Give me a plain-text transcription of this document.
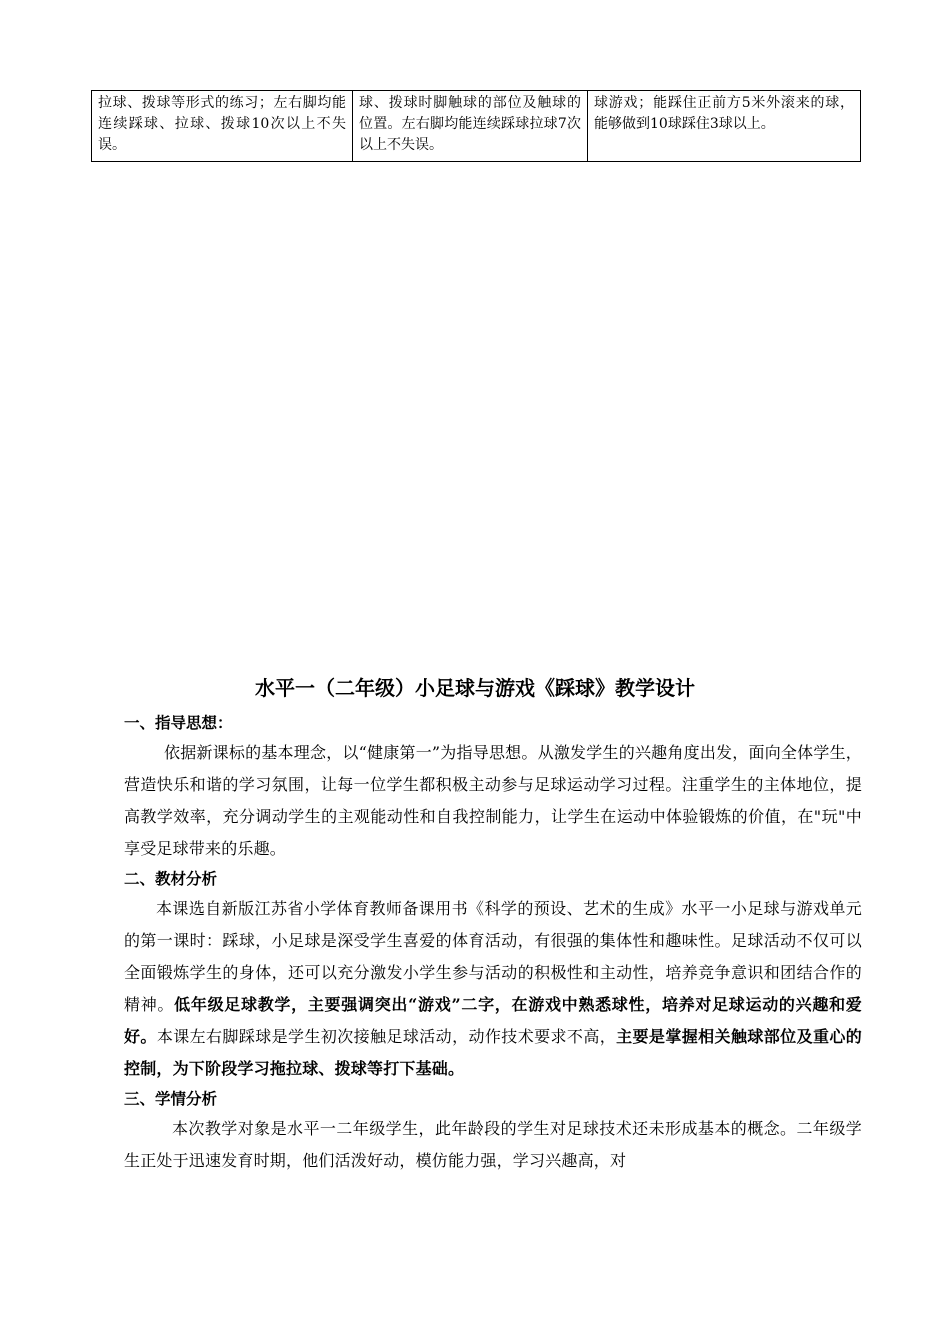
拉球、拨球等形式的练习；左右脚均能连续踩球、拉球、拨球10次以上不失误。	球、拨球时脚触球的部位及触球的位置。左右脚均能连续踩球拉球7次以上不失误。	球游戏；能踩住正前方5米外滚来的球，能够做到10球踩住3球以上。
水平一（二年级）小足球与游戏《踩球》教学设计

一、指导思想：

依据新课标的基本理念，以“健康第一”为指导思想。从激发学生的兴趣角度出发，面向全体学生，营造快乐和谐的学习氛围，让每一位学生都积极主动参与足球运动学习过程。注重学生的主体地位，提高教学效率，充分调动学生的主观能动性和自我控制能力，让学生在运动中体验锻炼的价值，在"玩"中享受足球带来的乐趣。

二、教材分析

本课选自新版江苏省小学体育教师备课用书《科学的预设、艺术的生成》水平一小足球与游戏单元的第一课时：踩球，小足球是深受学生喜爱的体育活动，有很强的集体性和趣味性。足球活动不仅可以全面锻炼学生的身体，还可以充分激发小学生参与活动的积极性和主动性，培养竞争意识和团结合作的精神。低年级足球教学，主要强调突出“游戏”二字，在游戏中熟悉球性，培养对足球运动的兴趣和爱好。本课左右脚踩球是学生初次接触足球活动，动作技术要求不高，主要是掌握相关触球部位及重心的控制，为下阶段学习拖拉球、拨球等打下基础。

三、学情分析

本次教学对象是水平一二年级学生，此年龄段的学生对足球技术还未形成基本的概念。二年级学生正处于迅速发育时期，他们活泼好动，模仿能力强，学习兴趣高，对
